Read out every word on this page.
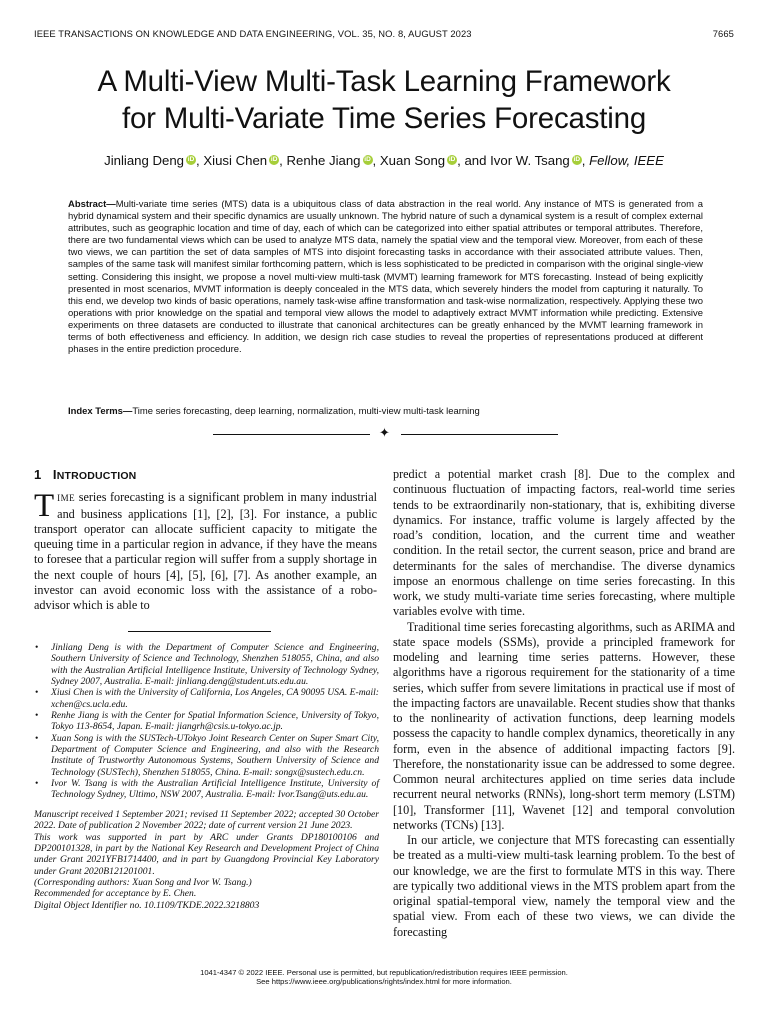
IEEE TRANSACTIONS ON KNOWLEDGE AND DATA ENGINEERING, VOL. 35, NO. 8, AUGUST 2023	7665
A Multi-View Multi-Task Learning Framework
for Multi-Variate Time Series Forecasting
Jinliang Deng iD , Xiusi Chen iD , Renhe Jiang iD , Xuan Song iD , and Ivor W. Tsang iD , Fellow, IEEE
Abstract—Multi-variate time series (MTS) data is a ubiquitous class of data abstraction in the real world. Any instance of MTS is generated from a hybrid dynamical system and their specific dynamics are usually unknown. The hybrid nature of such a dynamical system is a result of complex external attributes, such as geographic location and time of day, each of which can be categorized into either spatial attributes or temporal attributes. Therefore, there are two fundamental views which can be used to analyze MTS data, namely the spatial view and the temporal view. Moreover, from each of these two views, we can partition the set of data samples of MTS into disjoint forecasting tasks in accordance with their associated attribute values. Then, samples of the same task will manifest similar forthcoming pattern, which is less sophisticated to be predicted in comparison with the original single-view setting. Considering this insight, we propose a novel multi-view multi-task (MVMT) learning framework for MTS forecasting. Instead of being explicitly presented in most scenarios, MVMT information is deeply concealed in the MTS data, which severely hinders the model from capturing it naturally. To this end, we develop two kinds of basic operations, namely task-wise affine transformation and task-wise normalization, respectively. Applying these two operations with prior knowledge on the spatial and temporal view allows the model to adaptively extract MVMT information while predicting. Extensive experiments on three datasets are conducted to illustrate that canonical architectures can be greatly enhanced by the MVMT learning framework in terms of both effectiveness and efficiency. In addition, we design rich case studies to reveal the properties of representations produced at different phases in the entire prediction procedure.
Index Terms—Time series forecasting, deep learning, normalization, multi-view multi-task learning
✦
1 INTRODUCTION

TIME series forecasting is a significant problem in many industrial and business applications [1], [2], [3]. For instance, a public transport operator can allocate sufficient capacity to mitigate the queuing time in a particular region in advance, if they have the means to foresee that a particular region will suffer from a supply shortage in the next couple of hours [4], [5], [6], [7]. As another example, an investor can avoid economic loss with the assistance of a robo-advisor which is able to

• Jinliang Deng is with the Department of Computer Science and Engineering, Southern University of Science and Technology, Shenzhen 518055, China, and also with the Australian Artificial Intelligence Institute, University of Technology Sydney, Sydney 2007, Australia. E-mail: jinliang.deng@student.uts.edu.au.
• Xiusi Chen is with the University of California, Los Angeles, CA 90095 USA. E-mail: xchen@cs.ucla.edu.
• Renhe Jiang is with the Center for Spatial Information Science, University of Tokyo, Tokyo 113-8654, Japan. E-mail: jiangrh@csis.u-tokyo.ac.jp.
• Xuan Song is with the SUSTech-UTokyo Joint Research Center on Super Smart City, Department of Computer Science and Engineering, and also with the Research Institute of Trustworthy Autonomous Systems, Southern University of Science and Technology (SUSTech), Shenzhen 518055, China. E-mail: songx@sustech.edu.cn.
• Ivor W. Tsang is with the Australian Artificial Intelligence Institute, University of Technology Sydney, Ultimo, NSW 2007, Australia. E-mail: Ivor.Tsang@uts.edu.au.
Manuscript received 1 September 2021; revised 11 September 2022; accepted 30 October 2022. Date of publication 2 November 2022; date of current version 21 June 2023.
This work was supported in part by ARC under Grants DP180100106 and DP200101328, in part by the National Key Research and Development Project of China under Grant 2021YFB1714400, and in part by Guangdong Provincial Key Laboratory under Grant 2020B121201001.
(Corresponding authors: Xuan Song and Ivor W. Tsang.)
Recommended for acceptance by E. Chen.
Digital Object Identifier no. 10.1109/TKDE.2022.3218803

predict a potential market crash [8]. Due to the complex and continuous fluctuation of impacting factors, real-world time series tends to be extraordinarily non-stationary, that is, exhibiting diverse dynamics. For instance, traffic volume is largely affected by the road’s condition, location, and the current time and weather condition. In the retail sector, the current season, price and brand are determinants for the sales of merchandise. The diverse dynamics impose an enormous challenge on time series forecasting. In this work, we study multi-variate time series forecasting, where multiple variables evolve with time.

Traditional time series forecasting algorithms, such as ARIMA and state space models (SSMs), provide a principled framework for modeling and learning time series patterns. However, these algorithms have a rigorous requirement for the stationarity of a time series, which suffer from severe limitations in practical use if most of the impacting factors are unavailable. Recent studies show that thanks to the nonlinearity of activation functions, deep learning models possess the capacity to handle complex dynamics, theoretically in any form, even in the absence of additional impacting factors [9]. Therefore, the nonstationarity issue can be addressed to some degree. Common neural architectures applied on time series data include recurrent neural networks (RNNs), long-short term memory (LSTM) [10], Transformer [11], Wavenet [12] and temporal convolution networks (TCNs) [13].

In our article, we conjecture that MTS forecasting can essentially be treated as a multi-view multi-task learning problem. To the best of our knowledge, we are the first to formulate MTS in this way. There are typically two additional views in the MTS problem apart from the original spatial-temporal view, namely the temporal view and the spatial view. From each of these two views, we can divide the forecasting

1041-4347 © 2022 IEEE. Personal use is permitted, but republication/redistribution requires IEEE permission.
See https://www.ieee.org/publications/rights/index.html for more information.
